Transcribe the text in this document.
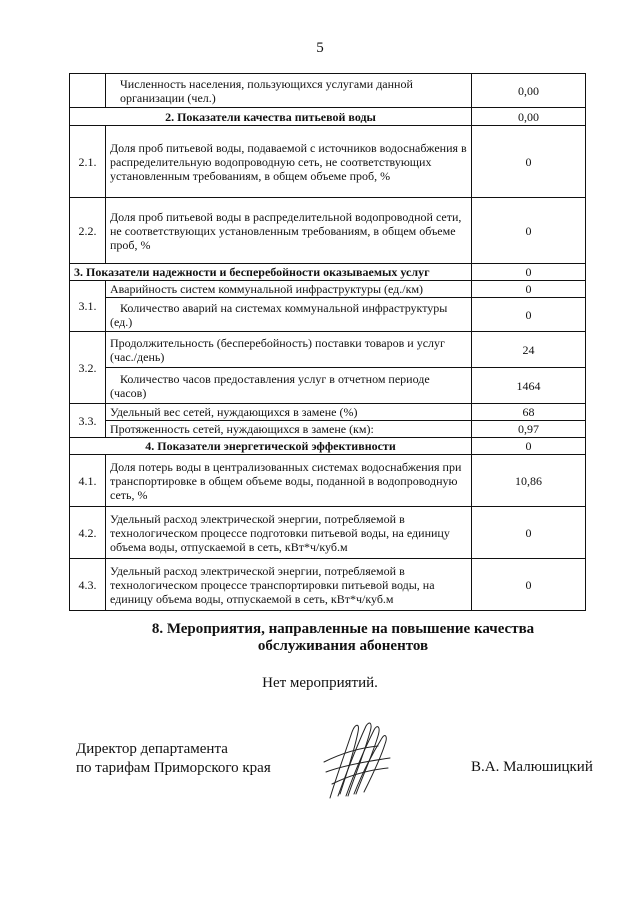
5
	Численность населения, пользующихся услугами данной организации (чел.)	0,00
2. Показатели качества питьевой воды		0,00
2.1.	Доля проб питьевой воды, подаваемой с источников водоснабжения в распределительную водопроводную сеть, не соответствующих установленным требованиям, в общем объеме проб, %	0
2.2.	Доля проб питьевой воды в распределительной водопроводной сети, не соответствующих установленным требованиям, в общем объеме проб, %	0
3. Показатели надежности и бесперебойности оказываемых услуг		0
3.1.	Аварийность систем коммунальной инфраструктуры (ед./км)	0
	Количество аварий на системах коммунальной инфраструктуры (ед.)	0
3.2.	Продолжительность (бесперебойность) поставки товаров и услуг (час./день)	24
	Количество часов предоставления услуг в отчетном периоде (часов)	1464
3.3.	Удельный вес сетей, нуждающихся в замене (%)	68
	Протяженность сетей, нуждающихся в замене (км):	0,97
4. Показатели энергетической эффективности		0
4.1.	Доля потерь воды в централизованных системах водоснабжения при транспортировке в общем объеме воды, поданной в водопроводную сеть, %	10,86
4.2.	Удельный расход электрической энергии, потребляемой в технологическом процессе подготовки питьевой воды, на единицу объема воды, отпускаемой в сеть, кВт*ч/куб.м	0
4.3.	Удельный расход электрической энергии, потребляемой в технологическом процессе транспортировки питьевой воды, на единицу объема воды, отпускаемой в сеть, кВт*ч/куб.м	0
8. Мероприятия, направленные на повышение качества
обслуживания абонентов
Нет мероприятий.
Директор департамента
по тарифам Приморского края	В.А. Малюшицкий
